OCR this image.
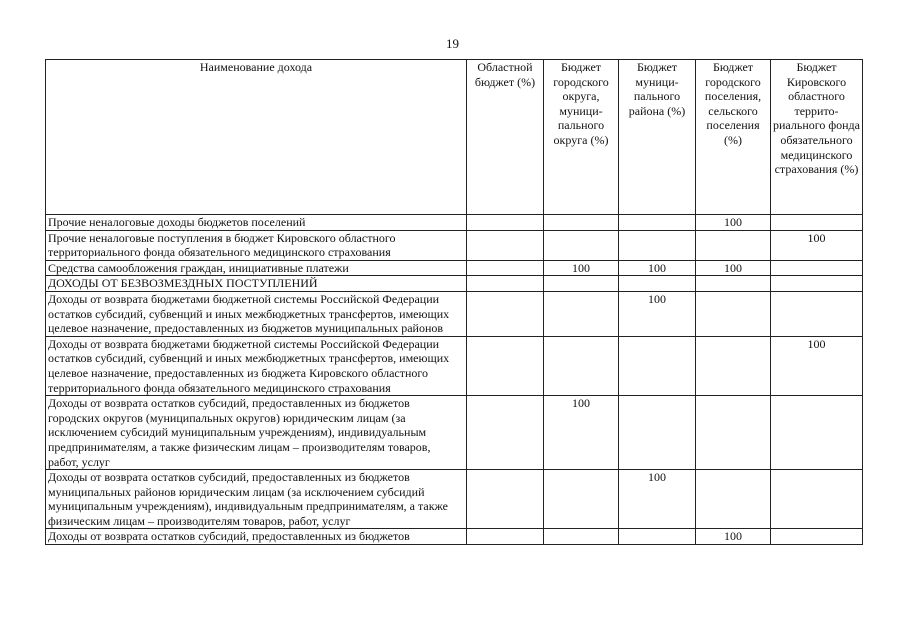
19
Наименование дохода	Областной бюджет (%)	Бюджет городского округа, муници- пального округа (%)	Бюджет муници- пального района (%)	Бюджет городского поселения, сельского поселения (%)	Бюджет Кировского областного террито- риального фонда обязательного медицинского страхования (%)
Прочие неналоговые доходы бюджетов поселений				100	
Прочие неналоговые поступления в бюджет Кировского областного территориального фонда обязательного медицинского страхования					100
Средства самообложения граждан, инициативные платежи		100	100	100	
ДОХОДЫ ОТ БЕЗВОЗМЕЗДНЫХ ПОСТУПЛЕНИЙ					
Доходы от возврата бюджетами бюджетной системы Российской Федерации остатков субсидий, субвенций и иных межбюджетных трансфертов, имеющих целевое назначение, предоставленных из бюджетов муниципальных районов			100		
Доходы от возврата бюджетами бюджетной системы Российской Федерации остатков субсидий, субвенций и иных межбюджетных трансфертов, имеющих целевое назначение, предоставленных из бюджета Кировского областного территориального фонда обязательного медицинского страхования					100
Доходы от возврата остатков субсидий, предоставленных из бюджетов городских округов (муниципальных округов) юридическим лицам (за исключением субсидий муниципальным учреждениям), индивидуальным предпринимателям, а также физическим лицам – производителям товаров, работ, услуг		100			
Доходы от возврата остатков субсидий, предоставленных из бюджетов муниципальных районов юридическим лицам (за исключением субсидий муниципальным учреждениям), индивидуальным предпринимателям, а также физическим лицам – производителям товаров, работ, услуг			100		
Доходы от возврата остатков субсидий, предоставленных из бюджетов				100	
